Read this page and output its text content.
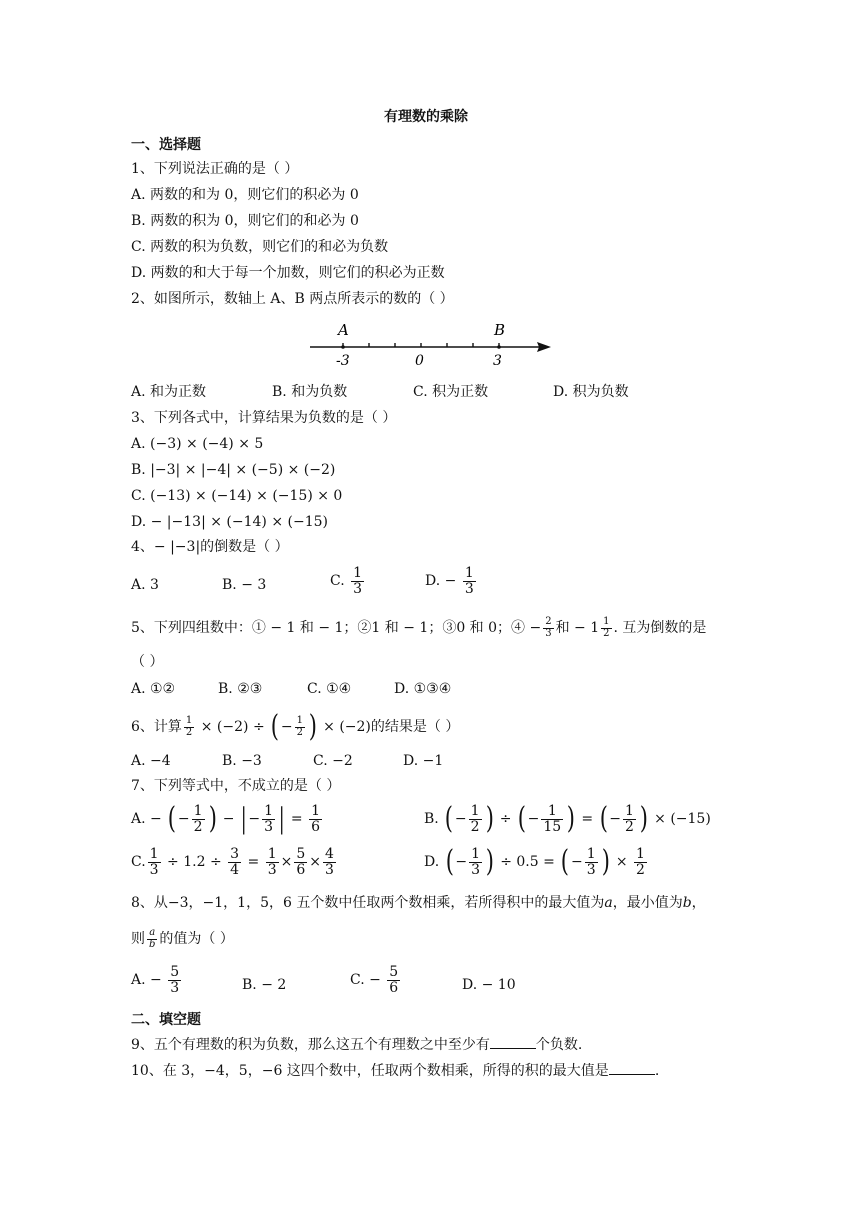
有理数的乘除
一、选择题
1、下列说法正确的是（ ）
A. 两数的和为 0，则它们的积必为 0
B. 两数的积为 0，则它们的和必为 0
C. 两数的积为负数，则它们的和必为负数
D. 两数的和大于每一个加数，则它们的积必为正数
2、如图所示，数轴上 A、B 两点所表示的数的（ ）
A	B
-3	0	3
A. 和为正数	B. 和为负数	C. 积为正数	D. 积为负数
3、下列各式中，计算结果为负数的是（ ）
A. (−3) × (−4) × 5
B. |−3| × |−4| × (−5) × (−2)
C. (−13) × (−14) × (−15) × 0
D. − |−13| × (−14) × (−15)
4、− |−3|的倒数是（ ）
A. 3	B. − 3	C. $\frac{1}{3}$	D. − $\frac{1}{3}$
5、下列四组数中：① − 1 和 − 1；②1 和 − 1；③0 和 0；④ − $\frac{2}{3}$ 和 − $1 \frac{1}{2}$ . 互为倒数的是
（ ）
A. ①②	B. ②③	C. ①④	D. ①③④
6、计算 $\frac{1}{2} \times (-2)$ ÷ ( − $\frac{1}{2}$ ) × (−2)的结果是（ ）
A. −4	B. −3	C. −2	D. −1
7、下列等式中，不成立的是（ ）
A. − ( − $\frac{1}{2}$ ) − | − $\frac{1}{3}$ | = $\frac{1}{6}$	B. ( − $\frac{1}{2}$ ) ÷ ( − $\frac{1}{15}$ ) = ( − $\frac{1}{2}$ ) × (−15)
C. $\frac{1}{3} \div 1.2 \div \frac{3}{4} = \frac{1}{3} \times \frac{5}{6} \times \frac{4}{3}$	D. ( − $\frac{1}{3}$ ) ÷ 0.5 = ( − $\frac{1}{3}$ ) × $\frac{1}{2}$
8、从−3，−1，1，5，6 五个数中任取两个数相乘，若所得积中的最大值为𝑎，最小值为𝑏，
则 $\frac{\text{𝑎}}{\text{𝑏}}$ 的值为（ ）
A. − $\frac{5}{3}$	B. − 2	C. − $\frac{5}{6}$	D. − 10
二、填空题
9、五个有理数的积为负数，那么这五个有理数之中至少有	个负数.
10、在 3，−4，5，−6 这四个数中，任取两个数相乘，所得的积的最大值是	.
